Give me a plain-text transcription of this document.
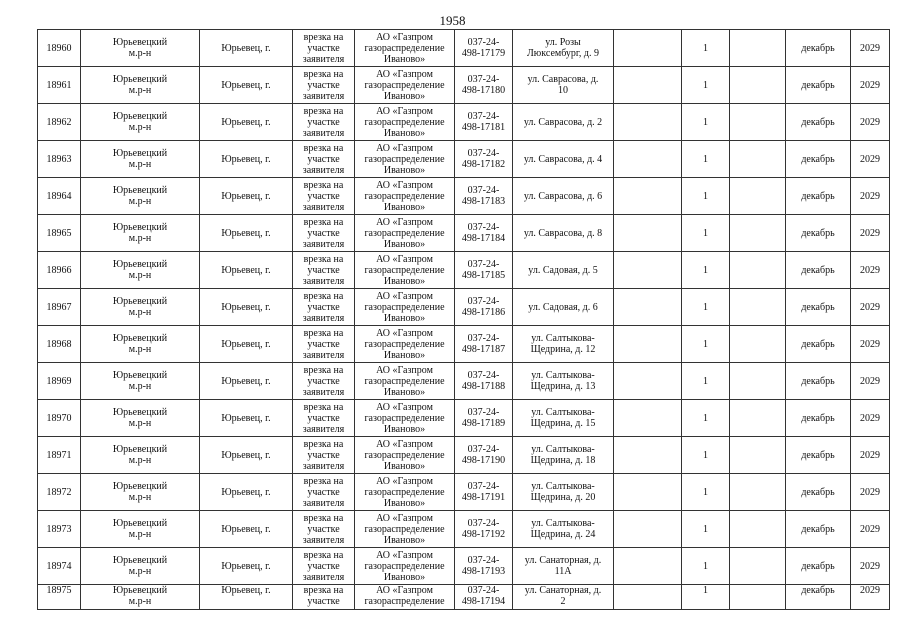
1958
18960	Юрьевецкий
м.р-н	Юрьевец, г.	врезка на
участке
заявителя	АО «Газпром
газораспределение
Иваново»	037-24-
498-17179	ул. Розы
Люксембург, д. 9		1		декабрь	2029
18961	Юрьевецкий
м.р-н	Юрьевец, г.	врезка на
участке
заявителя	АО «Газпром
газораспределение
Иваново»	037-24-
498-17180	ул. Саврасова, д.
10		1		декабрь	2029
18962	Юрьевецкий
м.р-н	Юрьевец, г.	врезка на
участке
заявителя	АО «Газпром
газораспределение
Иваново»	037-24-
498-17181	ул. Саврасова, д. 2		1		декабрь	2029
18963	Юрьевецкий
м.р-н	Юрьевец, г.	врезка на
участке
заявителя	АО «Газпром
газораспределение
Иваново»	037-24-
498-17182	ул. Саврасова, д. 4		1		декабрь	2029
18964	Юрьевецкий
м.р-н	Юрьевец, г.	врезка на
участке
заявителя	АО «Газпром
газораспределение
Иваново»	037-24-
498-17183	ул. Саврасова, д. 6		1		декабрь	2029
18965	Юрьевецкий
м.р-н	Юрьевец, г.	врезка на
участке
заявителя	АО «Газпром
газораспределение
Иваново»	037-24-
498-17184	ул. Саврасова, д. 8		1		декабрь	2029
18966	Юрьевецкий
м.р-н	Юрьевец, г.	врезка на
участке
заявителя	АО «Газпром
газораспределение
Иваново»	037-24-
498-17185	ул. Садовая, д. 5		1		декабрь	2029
18967	Юрьевецкий
м.р-н	Юрьевец, г.	врезка на
участке
заявителя	АО «Газпром
газораспределение
Иваново»	037-24-
498-17186	ул. Садовая, д. 6		1		декабрь	2029
18968	Юрьевецкий
м.р-н	Юрьевец, г.	врезка на
участке
заявителя	АО «Газпром
газораспределение
Иваново»	037-24-
498-17187	ул. Салтыкова-
Щедрина, д. 12		1		декабрь	2029
18969	Юрьевецкий
м.р-н	Юрьевец, г.	врезка на
участке
заявителя	АО «Газпром
газораспределение
Иваново»	037-24-
498-17188	ул. Салтыкова-
Щедрина, д. 13		1		декабрь	2029
18970	Юрьевецкий
м.р-н	Юрьевец, г.	врезка на
участке
заявителя	АО «Газпром
газораспределение
Иваново»	037-24-
498-17189	ул. Салтыкова-
Щедрина, д. 15		1		декабрь	2029
18971	Юрьевецкий
м.р-н	Юрьевец, г.	врезка на
участке
заявителя	АО «Газпром
газораспределение
Иваново»	037-24-
498-17190	ул. Салтыкова-
Щедрина, д. 18		1		декабрь	2029
18972	Юрьевецкий
м.р-н	Юрьевец, г.	врезка на
участке
заявителя	АО «Газпром
газораспределение
Иваново»	037-24-
498-17191	ул. Салтыкова-
Щедрина, д. 20		1		декабрь	2029
18973	Юрьевецкий
м.р-н	Юрьевец, г.	врезка на
участке
заявителя	АО «Газпром
газораспределение
Иваново»	037-24-
498-17192	ул. Салтыкова-
Щедрина, д. 24		1		декабрь	2029
18974	Юрьевецкий
м.р-н	Юрьевец, г.	врезка на
участке
заявителя	АО «Газпром
газораспределение
Иваново»	037-24-
498-17193	ул. Санаторная, д.
11А		1		декабрь	2029
18975	Юрьевецкий
м.р-н	Юрьевец, г.	врезка на
участке	АО «Газпром
газораспределение	037-24-
498-17194	ул. Санаторная, д.
2		1		декабрь	2029
